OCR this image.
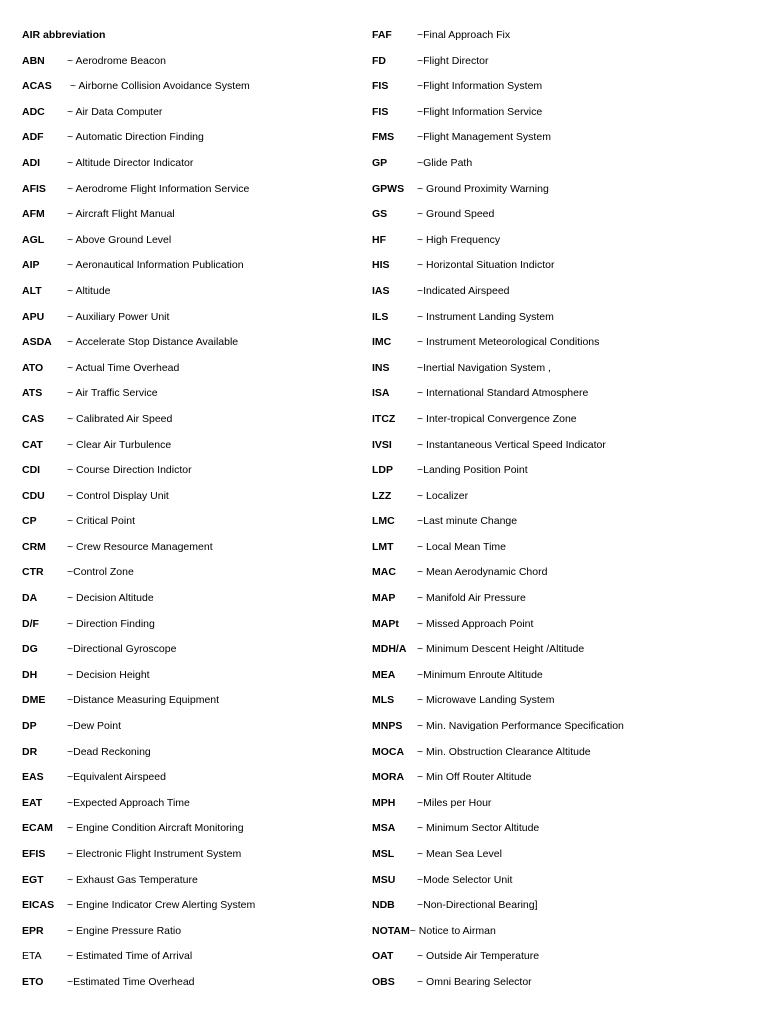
AIR abbreviation
ABN ~ Aerodrome Beacon
ACAS ~ Airborne Collision Avoidance System
ADC ~ Air Data Computer
ADF ~ Automatic Direction Finding
ADI	~ Altitude Director Indicator
AFIS ~ Aerodrome Flight Information Service
AFM ~ Aircraft Flight Manual
AGL ~ Above Ground Level
AIP	~ Aeronautical Information Publication
ALT ~ Altitude
APU ~ Auxiliary Power Unit
ASDA ~ Accelerate Stop Distance Available
ATO ~ Actual Time Overhead
ATS ~ Air Traffic Service
CAS ~ Calibrated Air Speed
CAT ~ Clear Air Turbulence
CDI	~ Course Direction Indictor
CDU ~ Control Display Unit
CP	~ Critical Point
CRM ~ Crew Resource Management
CTR ~Control Zone
DA	~ Decision Altitude
D/F	~ Direction Finding
DG	~Directional Gyroscope
DH	~ Decision Height
DME ~Distance Measuring Equipment
DP	~Dew Point
DR	~Dead Reckoning
EAS ~Equivalent Airspeed
EAT ~Expected Approach Time
ECAM ~ Engine Condition Aircraft Monitoring
EFIS ~ Electronic Flight Instrument System
EGT ~ Exhaust Gas Temperature
EICAS ~ Engine Indicator Crew Alerting System
EPR ~ Engine Pressure Ratio
ETA ~ Estimated Time of Arrival
ETO ~Estimated Time Overhead
FAF ~Final Approach Fix
FD	~Flight Director
FIS	~Flight Information System
FIS	~Flight Information Service
FMS ~Flight Management System
GP	~Glide Path
GPWS ~ Ground Proximity Warning
GS	~ Ground Speed
HF	~ High Frequency
HIS	~ Horizontal Situation Indictor
IAS	~Indicated Airspeed
ILS	~ Instrument Landing System
IMC ~ Instrument Meteorological Conditions
INS	~Inertial Navigation System ,
ISA	~ International Standard Atmosphere
ITCZ ~ Inter-tropical Convergence Zone
IVSI ~ Instantaneous Vertical Speed Indicator
LDP ~Landing Position Point
LZZ ~ Localizer
LMC ~Last minute Change
LMT ~ Local Mean Time
MAC ~ Mean Aerodynamic Chord
MAP ~ Manifold Air Pressure
MAPt ~ Missed Approach Point
MDH/A ~ Minimum Descent Height /Altitude
MEA ~Minimum Enroute Altitude
MLS ~ Microwave Landing System
MNPS ~ Min. Navigation Performance Specification
MOCA ~ Min. Obstruction Clearance Altitude
MORA ~ Min Off Router Altitude
MPH ~Miles per Hour
MSA ~ Minimum Sector Altitude
MSL ~ Mean Sea Level
MSU ~Mode Selector Unit
NDB ~Non-Directional Bearing]
NOTAM~ Notice to Airman
OAT ~ Outside Air Temperature
OBS ~ Omni Bearing Selector
